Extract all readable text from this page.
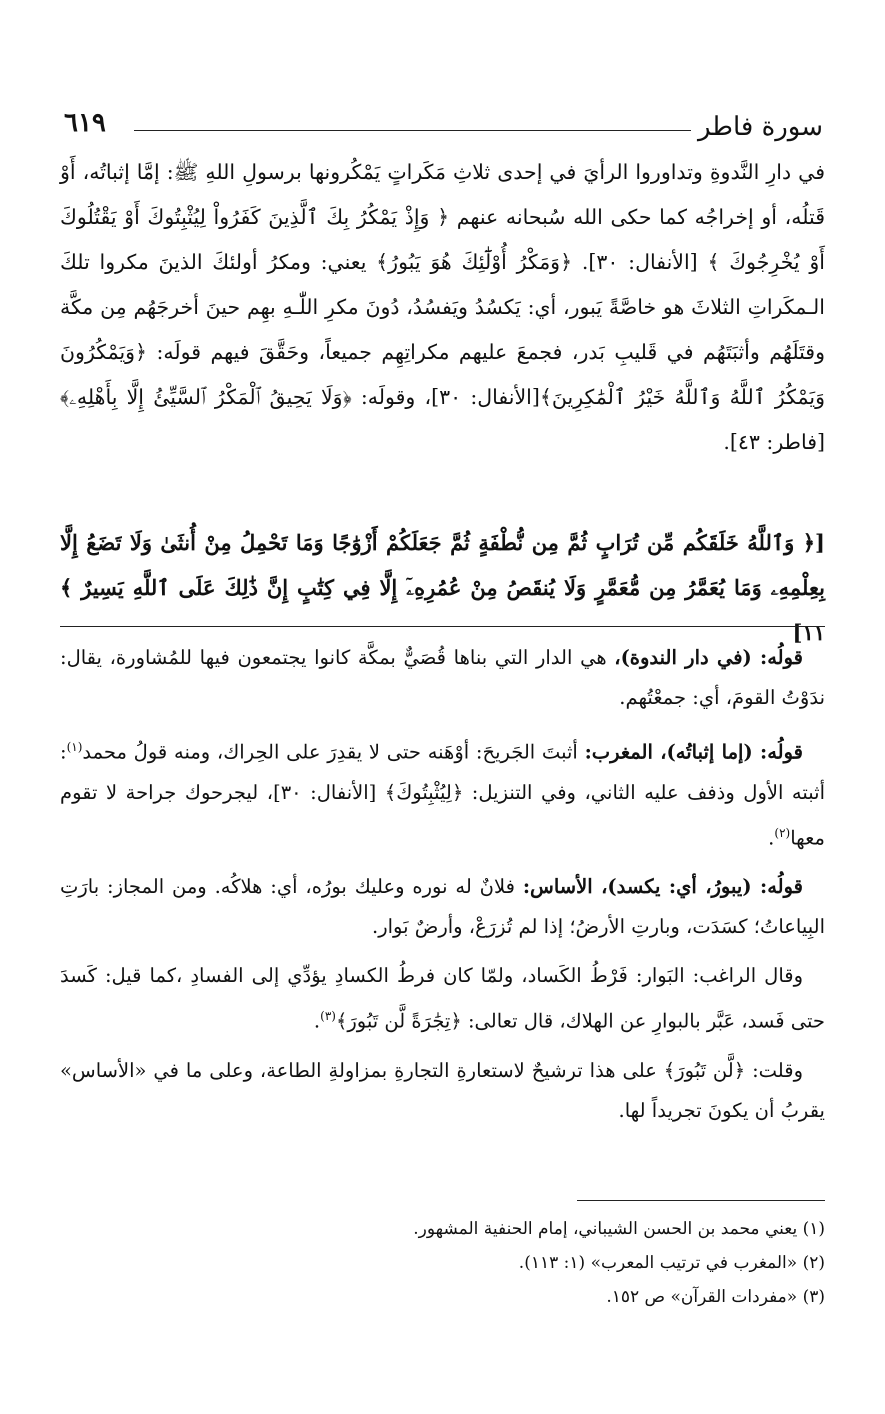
سورة فاطر
٦١٩

في دارِ النَّدوةِ وتداوروا الرأيَ في إحدى ثلاثِ مَكَراتٍ يَمْكُرونها برسولِ اللهِ ﷺ: إمَّا إثباتُه، أَوْ قَتلُه، أو إخراجُه كما حكى الله سُبحانه عنهم ﴿ وَإِذْ يَمْكُرُ بِكَ ٱلَّذِينَ كَفَرُواْ لِيُثْبِتُوكَ أَوْ يَقْتُلُوكَ أَوْ يُخْرِجُوكَ ﴾ [الأنفال: ٣٠]. ﴿وَمَكْرُ أُوْلَٰٓئِكَ هُوَ يَبُورُ﴾ يعني: ومكرُ أولئكَ الذينَ مكروا تلكَ الـمكَراتِ الثلاثَ هو خاصَّةً يَبور، أي: يَكسُدُ ويَفسُدُ، دُونَ مكرِ اللّٰـهِ بهِم حينَ أخرجَهُم مِن مكَّة وقتَلَهُم وأثبَتَهُم في قَليبِ بَدر، فجمعَ عليهم مكراتِهِم جميعاً، وحَقَّقَ فيهم قولَه: ﴿وَيَمْكُرُونَ وَيَمْكُرُ ٱللَّهُ وَٱللَّهُ خَيْرُ ٱلْمَٰكِرِينَ﴾[الأنفال: ٣٠]، وقولَه: ﴿وَلَا يَحِيقُ ٱلْمَكْرُ ٱلسَّيِّئُ إِلَّا بِأَهْلِهِۦ﴾ [فاطر: ٤٣].

[﴿ وَٱللَّهُ خَلَقَكُم مِّن تُرَابٍ ثُمَّ مِن نُّطْفَةٍ ثُمَّ جَعَلَكُمْ أَزْوَٰجًا وَمَا تَحْمِلُ مِنْ أُنثَىٰ وَلَا تَضَعُ إِلَّا بِعِلْمِهِۦ وَمَا يُعَمَّرُ مِن مُّعَمَّرٍ وَلَا يُنقَصُ مِنْ عُمُرِهِۦٓ إِلَّا فِي كِتَٰبٍ إِنَّ ذَٰلِكَ عَلَى ٱللَّهِ يَسِيرٌ ﴾ ١١]

قولُه: (في دار الندوة)، هي الدار التي بناها قُصَيٌّ بمكَّة كانوا يجتمعون فيها للمُشاورة، يقال: ندَوْتُ القومَ، أي: جمعْتُهم.

قولُه: (إما إثباتُه)، المغرب: أثبتَ الجَريحَ: أوْهَنه حتى لا يقدِرَ على الحِراك، ومنه قولُ محمد$^{(١)}$: أثبته الأول وذفف عليه الثاني، وفي التنزيل: ﴿لِيُثْبِتُوكَ﴾ [الأنفال: ٣٠]، ليجرحوك جراحة لا تقوم معها$^{(٢)}$.

قولُه: (يبورُ، أي: يكسد)، الأساس: فلانٌ له نوره وعليك بورُه، أي: هلاكُه. ومن المجاز: بارَتِ البِياعاتُ؛ كسَدَت، وبارتِ الأرضُ؛ إذا لم تُزرَعْ، وأرضٌ بَوار.

وقال الراغب: البَوار: فَرْطُ الكَساد، ولمّا كان فرطُ الكسادِ يؤدِّي إلى الفسادِ ،كما قيل: كَسدَ حتى فَسد، عَبَّر بالبوارِ عن الهلاك، قال تعالى: ﴿تِجَٰرَةً لَّن تَبُورَ﴾$^{(٣)}$.

وقلت: ﴿لَّن تَبُورَ﴾ على هذا ترشيحٌ لاستعارةِ التجارةِ بمزاولةِ الطاعة، وعلى ما في «الأساس» يقربُ أن يكونَ تجريداً لها.

(١) يعني محمد بن الحسن الشيباني، إمام الحنفية المشهور.
(٢) «المغرب في ترتيب المعرب» (١: ١١٣).
(٣) «مفردات القرآن» ص ١٥٢.
